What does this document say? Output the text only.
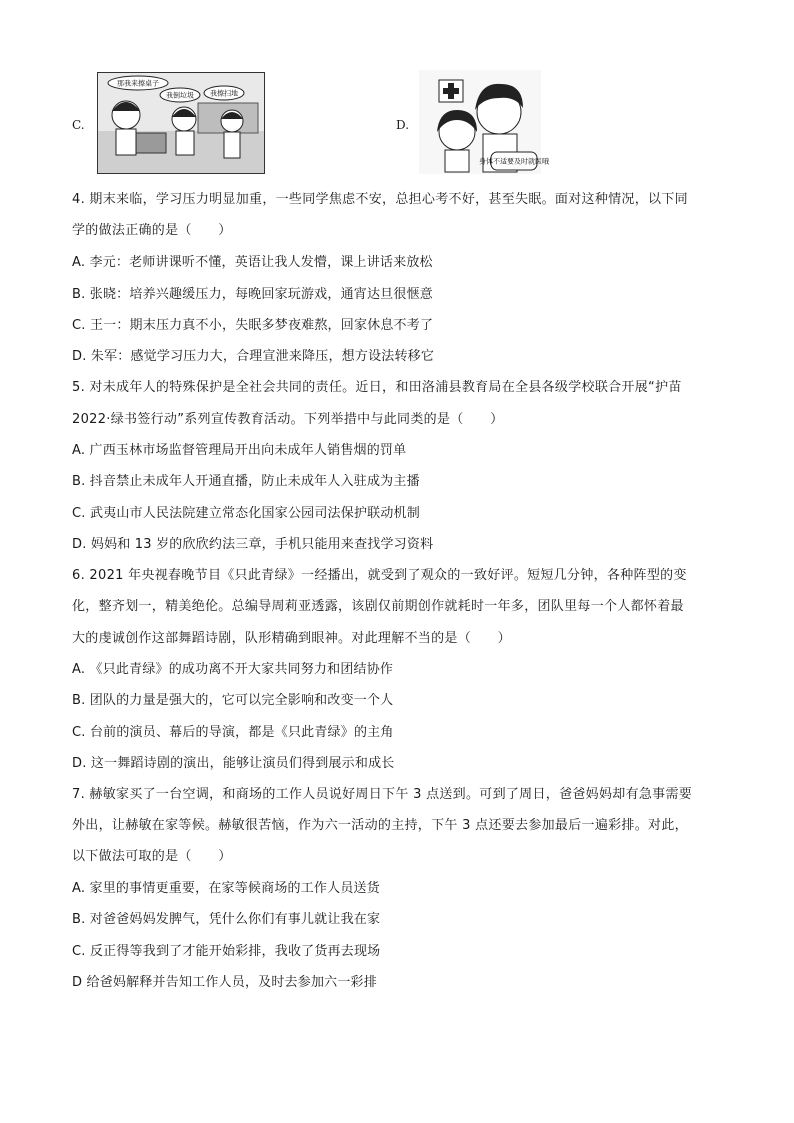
C.
那我来擦桌子
我倒垃圾 我擦扫地
D.
身体不适要及时就医哦
4. 期末来临，学习压力明显加重，一些同学焦虑不安，总担心考不好，甚至失眠。面对这种情况，以下同
学的做法正确的是（　　）
A. 李元：老师讲课听不懂，英语让我人发懵，课上讲话来放松
B. 张晓：培养兴趣缓压力，每晚回家玩游戏，通宵达旦很惬意
C. 王一：期末压力真不小，失眠多梦夜难熬，回家休息不考了
D. 朱军：感觉学习压力大，合理宣泄来降压，想方设法转移它
5. 对未成年人的特殊保护是全社会共同的责任。近日，和田洛浦县教育局在全县各级学校联合开展“护苗
2022·绿书签行动”系列宣传教育活动。下列举措中与此同类的是（　　）
A. 广西玉林市场监督管理局开出向未成年人销售烟的罚单
B. 抖音禁止未成年人开通直播，防止未成年人入驻成为主播
C. 武夷山市人民法院建立常态化国家公园司法保护联动机制
D. 妈妈和 13 岁的欣欣约法三章，手机只能用来查找学习资料
6. 2021 年央视春晚节目《只此青绿》一经播出，就受到了观众的一致好评。短短几分钟，各种阵型的变
化，整齐划一，精美绝伦。总编导周莉亚透露，该剧仅前期创作就耗时一年多，团队里每一个人都怀着最
大的虔诚创作这部舞蹈诗剧，队形精确到眼神。对此理解不当的是（　　）
A. 《只此青绿》的成功离不开大家共同努力和团结协作
B. 团队的力量是强大的，它可以完全影响和改变一个人
C. 台前的演员、幕后的导演，都是《只此青绿》的主角
D. 这一舞蹈诗剧的演出，能够让演员们得到展示和成长
7. 赫敏家买了一台空调，和商场的工作人员说好周日下午 3 点送到。可到了周日，爸爸妈妈却有急事需要
外出，让赫敏在家等候。赫敏很苦恼，作为六一活动的主持，下午 3 点还要去参加最后一遍彩排。对此，
以下做法可取的是（　　）
A. 家里的事情更重要，在家等候商场的工作人员送货
B. 对爸爸妈妈发脾气，凭什么你们有事儿就让我在家
C. 反正得等我到了才能开始彩排，我收了货再去现场
D 给爸妈解释并告知工作人员，及时去参加六一彩排
